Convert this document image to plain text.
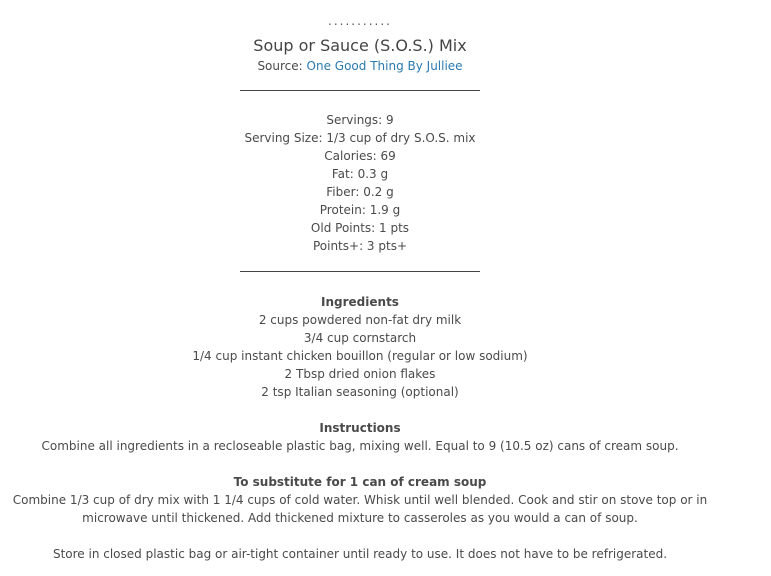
...........
Soup or Sauce (S.O.S.) Mix
Source: One Good Thing By Julliee
Servings: 9
Serving Size: 1/3 cup of dry S.O.S. mix
Calories: 69
Fat: 0.3 g
Fiber: 0.2 g
Protein: 1.9 g
Old Points: 1 pts
Points+: 3 pts+
Ingredients
2 cups powdered non-fat dry milk
3/4 cup cornstarch
1/4 cup instant chicken bouillon (regular or low sodium)
2 Tbsp dried onion flakes
2 tsp Italian seasoning (optional)
Instructions

Combine all ingredients in a recloseable plastic bag, mixing well. Equal to 9 (10.5 oz) cans of cream soup.

To substitute for 1 can of cream soup

Combine 1/3 cup of dry mix with 1 1/4 cups of cold water. Whisk until well blended. Cook and stir on stove top or in

microwave until thickened. Add thickened mixture to casseroles as you would a can of soup.

Store in closed plastic bag or air-tight container until ready to use. It does not have to be refrigerated.
